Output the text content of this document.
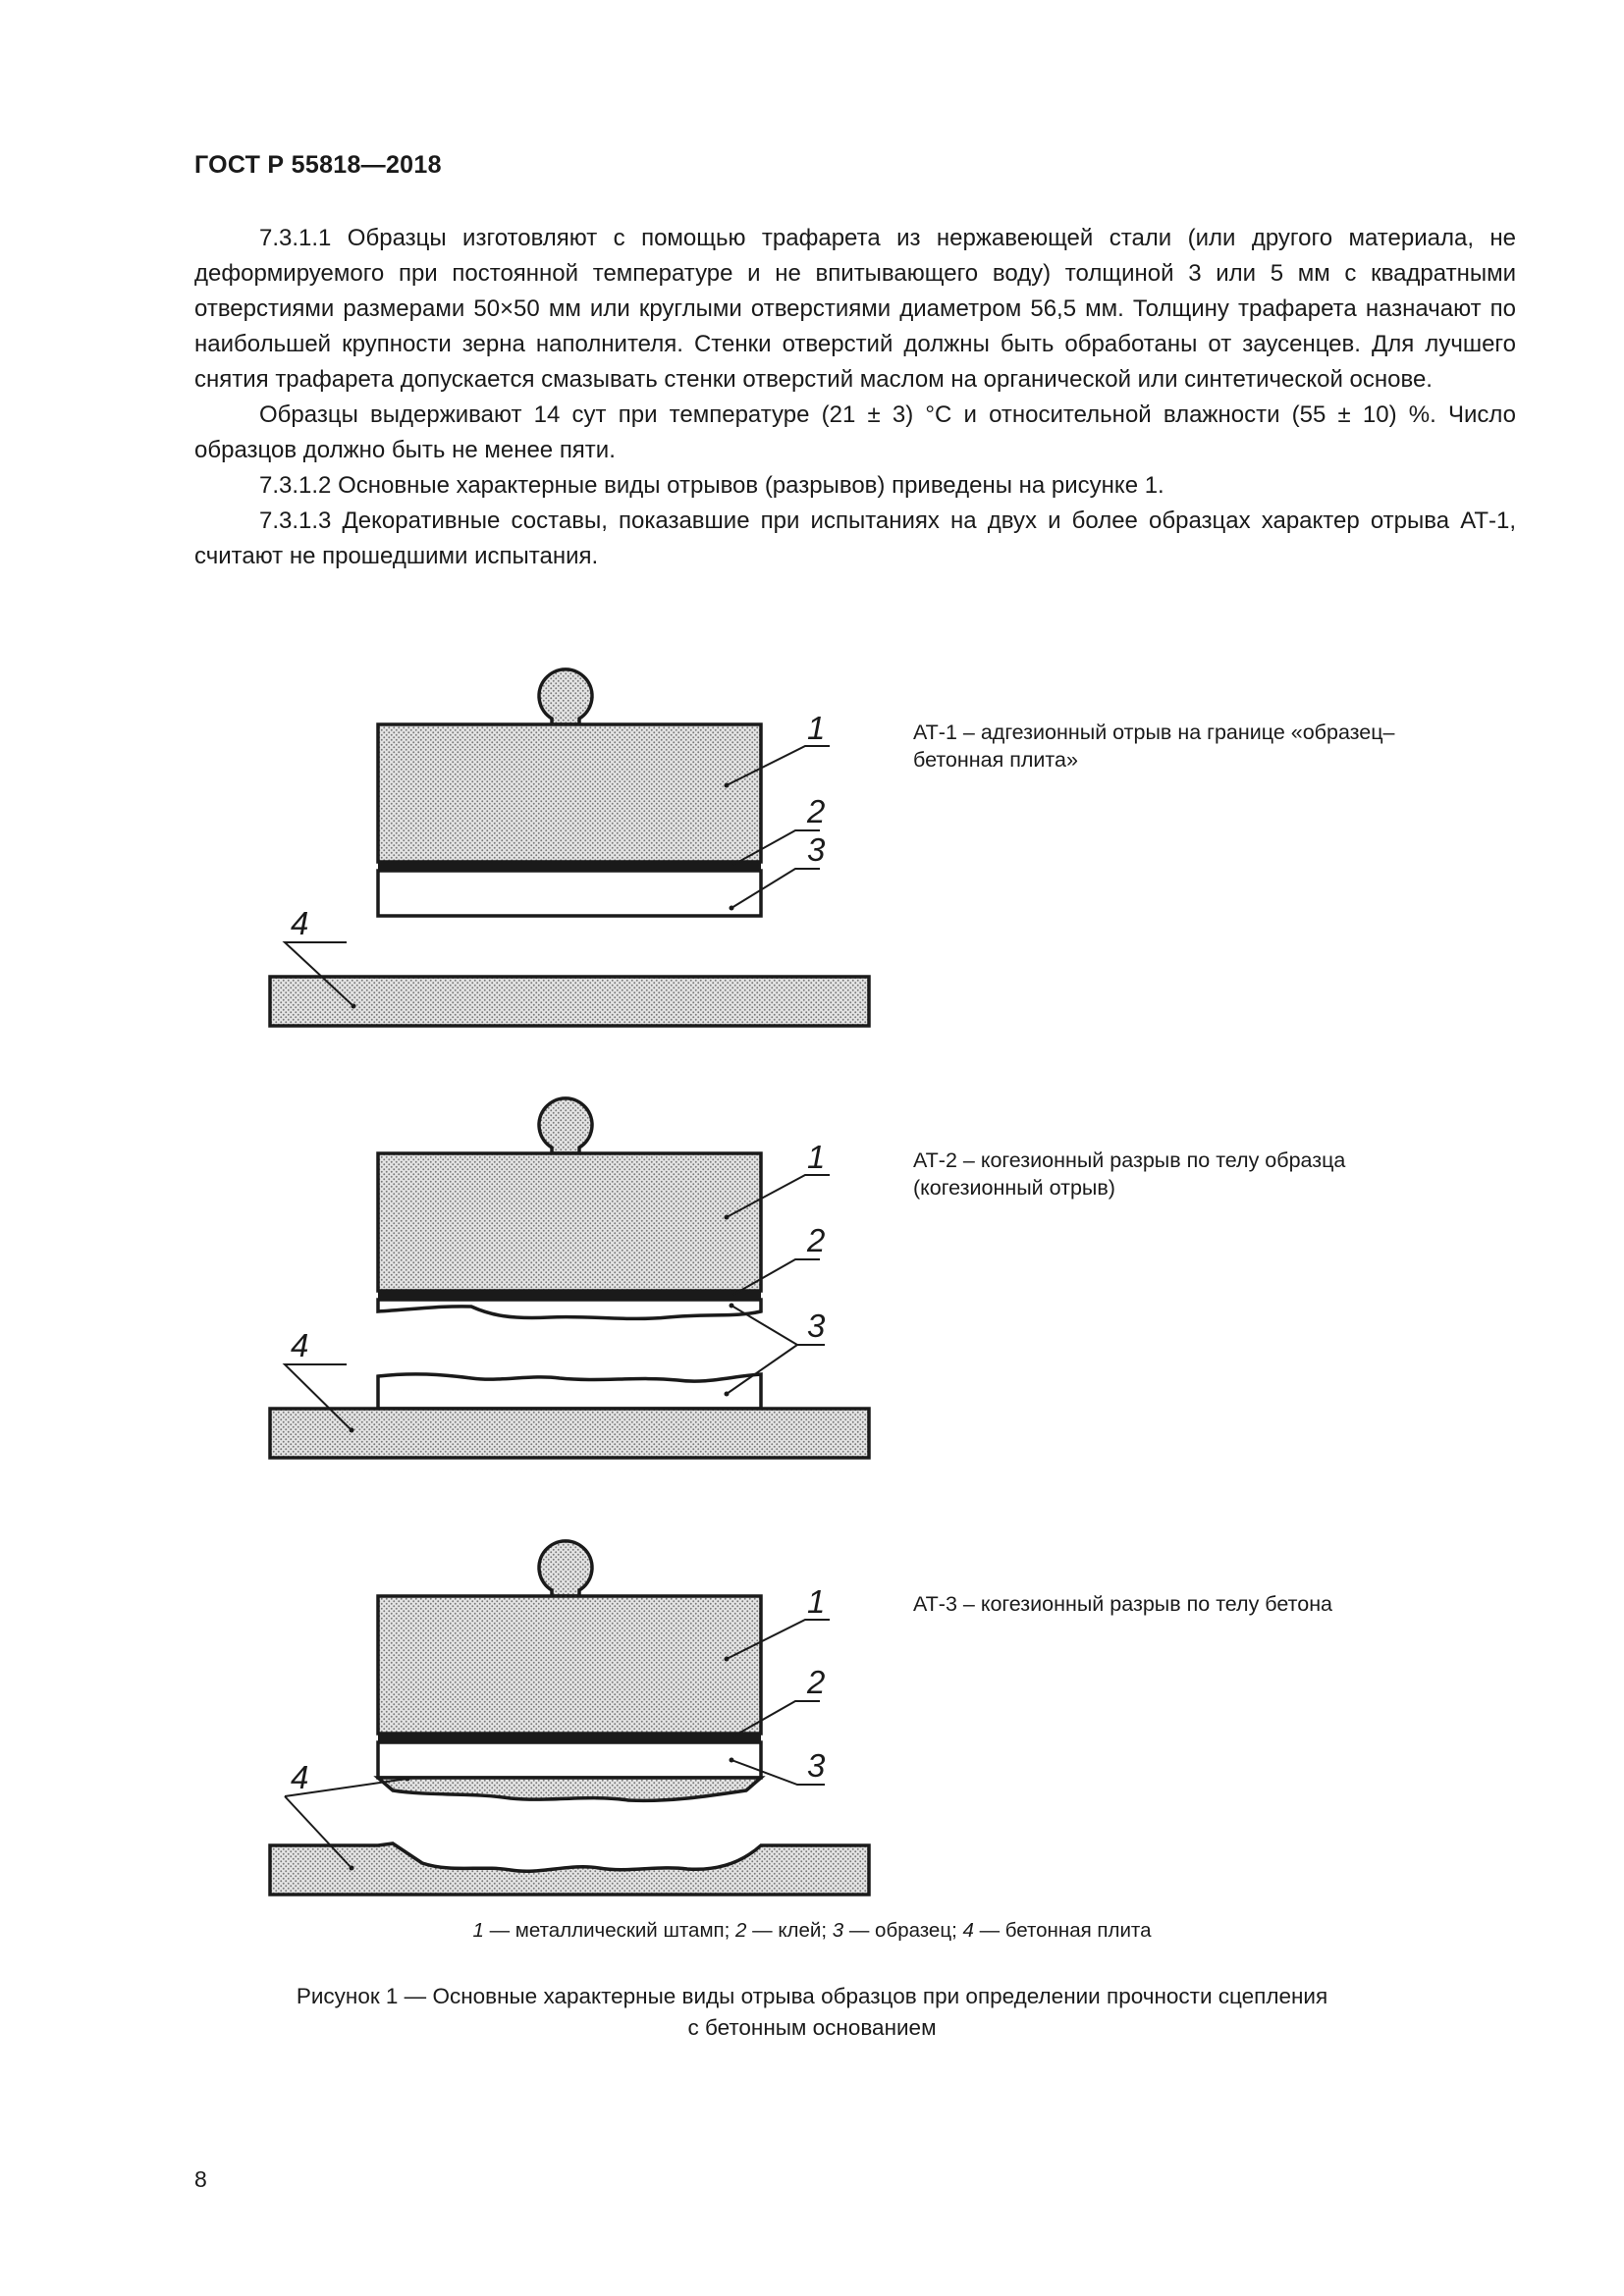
ГОСТ Р 55818—2018

7.3.1.1 Образцы изготовляют с помощью трафарета из нержавеющей стали (или другого материала, не деформируемого при постоянной температуре и не впитывающего воду) толщиной 3 или 5 мм с квадратными отверстиями размерами 50×50 мм или круглыми отверстиями диаметром 56,5 мм. Толщину трафарета назначают по наибольшей крупности зерна наполнителя. Стенки отверстий должны быть обработаны от заусенцев. Для лучшего снятия трафарета допускается смазывать стенки отверстий маслом на органической или синтетической основе.

Образцы выдерживают 14 сут при температуре (21 ± 3) °С и относительной влажности (55 ± 10) %. Число образцов должно быть не менее пяти.

7.3.1.2 Основные характерные виды отрывов (разрывов) приведены на рисунке 1.

7.3.1.3 Декоративные составы, показавшие при испытаниях на двух и более образцах характер отрыва АТ-1, считают не прошедшими испытания.

1
2
3
4
1
2
3
4
1
2
3
4
АТ-1 – адгезионный отрыв на границе «образец–бетонная плита»
АТ-2 – когезионный разрыв по телу образца (когезионный отрыв)
АТ-3 – когезионный разрыв по телу бетона
1 — металлический штамп; 2 — клей; 3 — образец; 4 — бетонная плита
Рисунок 1 — Основные характерные виды отрыва образцов при определении прочности сцепления
с бетонным основанием
8
